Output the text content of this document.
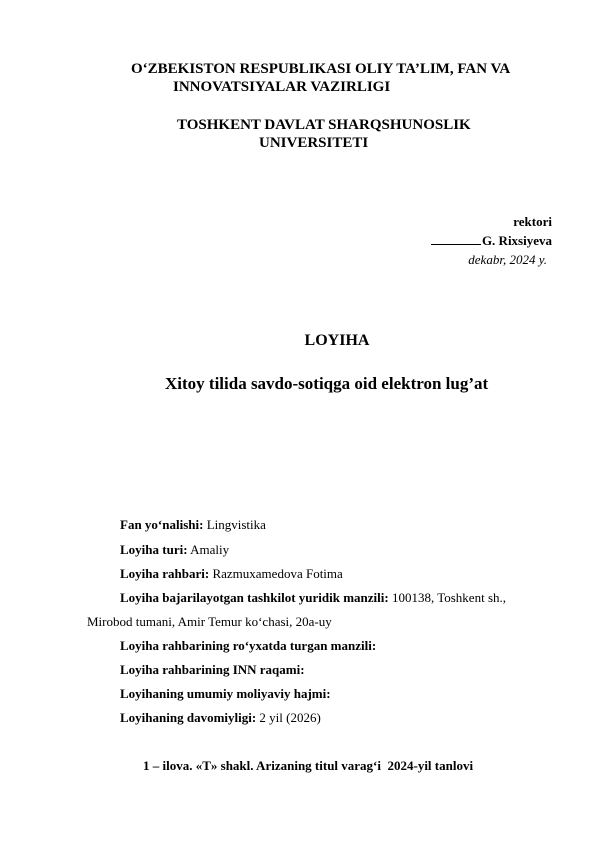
O‘ZBEKISTON RESPUBLIKASI OLIY TA’LIM, FAN VA
INNOVATSIYALAR VAZIRLIGI
TOSHKENT DAVLAT SHARQSHUNOSLIK
UNIVERSITETI
rektori
G. Rixsiyeva
dekabr, 2024 y.
LOYIHA
Xitoy tilida savdo-sotiqga oid elektron lug’at
Fan yo‘nalishi: Lingvistika
Loyiha turi: Amaliy
Loyiha rahbari: Razmuxamedova Fotima
Loyiha bajarilayotgan tashkilot yuridik manzili: 100138, Toshkent sh.,
Mirobod tumani, Amir Temur ko‘chasi, 20a-uy
Loyiha rahbarining ro‘yxatda turgan manzili:
Loyiha rahbarining INN raqami:
Loyihaning umumiy moliyaviy hajmi:
Loyihaning davomiyligi: 2 yil (2026)
1 – ilova. «T» shakl. Arizaning titul varag‘i  2024-yil tanlovi
